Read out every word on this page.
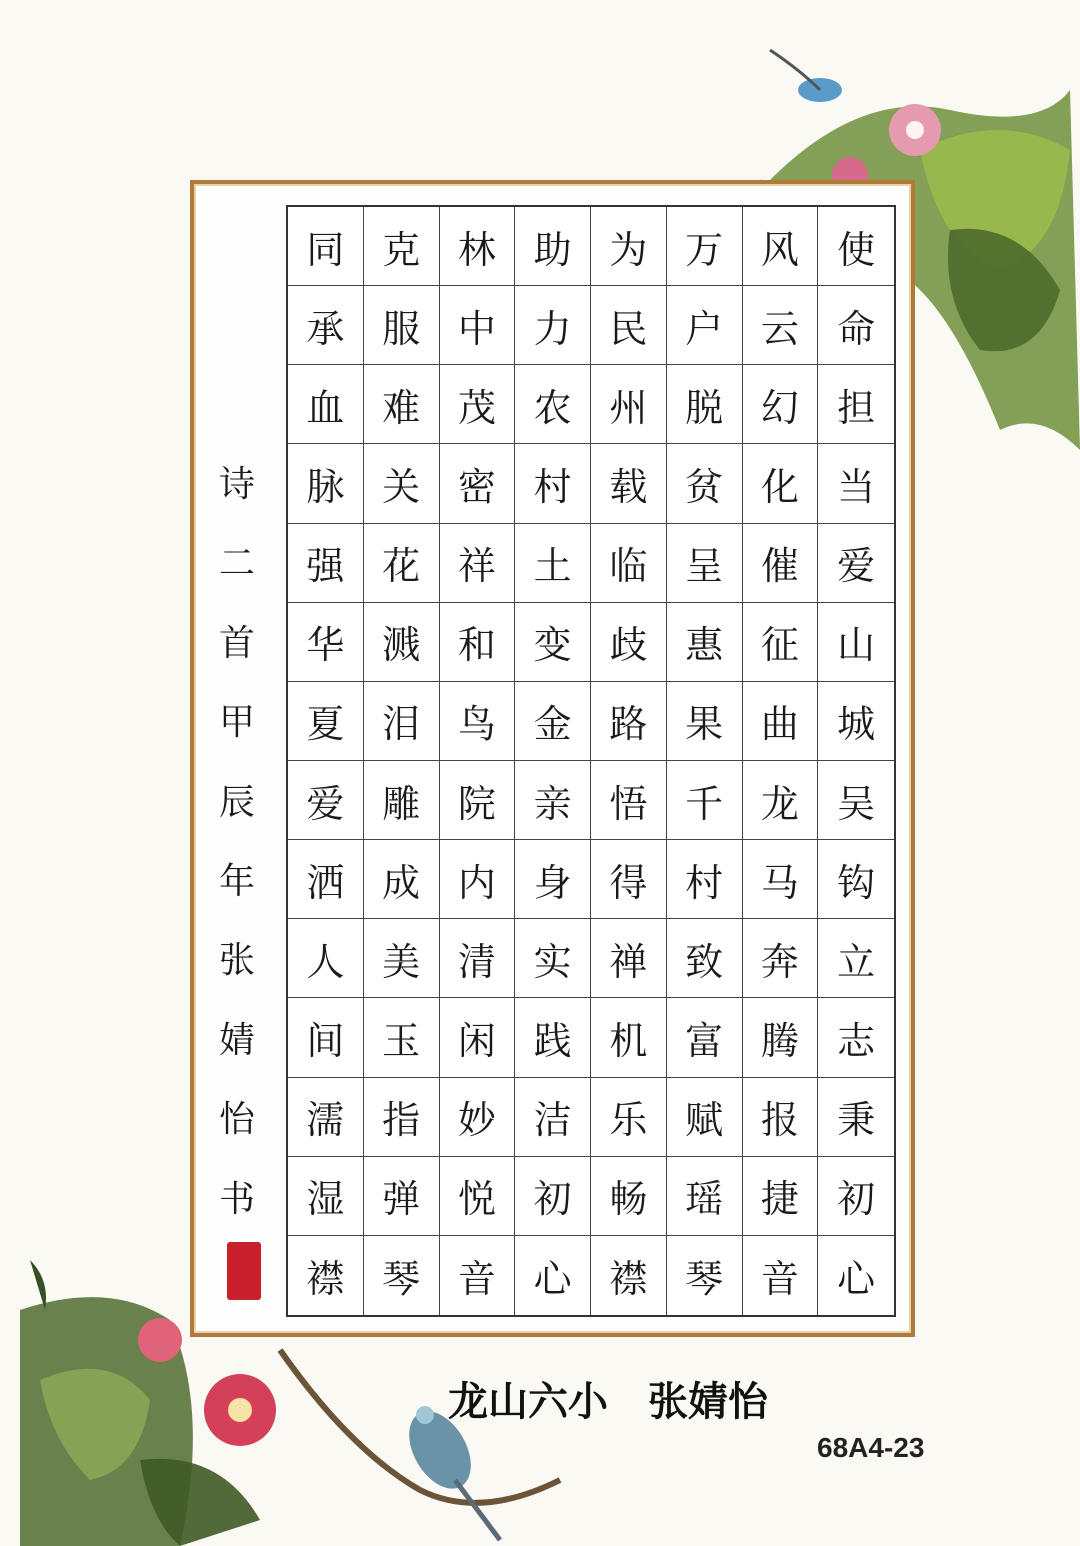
同 克 林 助 为 万 风	使
承 服 中 力 民 户 云	命
血 难 茂 农 州 脱 幻	担
脉 关 密 村 载 贫 化	当
强 花 祥 土 临 呈 催	爱
华 溅 和 变 歧 惠 征	山
夏 泪 鸟 金 路 果 曲	城
爱 雕 院 亲 悟 千 龙	吴
洒 成 内 身 得 村 马	钩
人 美 清 实 禅 致 奔	立
间 玉 闲 践 机 富 腾	志
濡 指 妙 洁 乐 赋 报	秉
湿 弹 悦 初 畅 瑶 捷	初
襟 琴 音 心 襟 琴 音	心
诗
二
首
甲
辰
年
张
婧
怡
书
龙山六小　张婧怡
68A4-23
